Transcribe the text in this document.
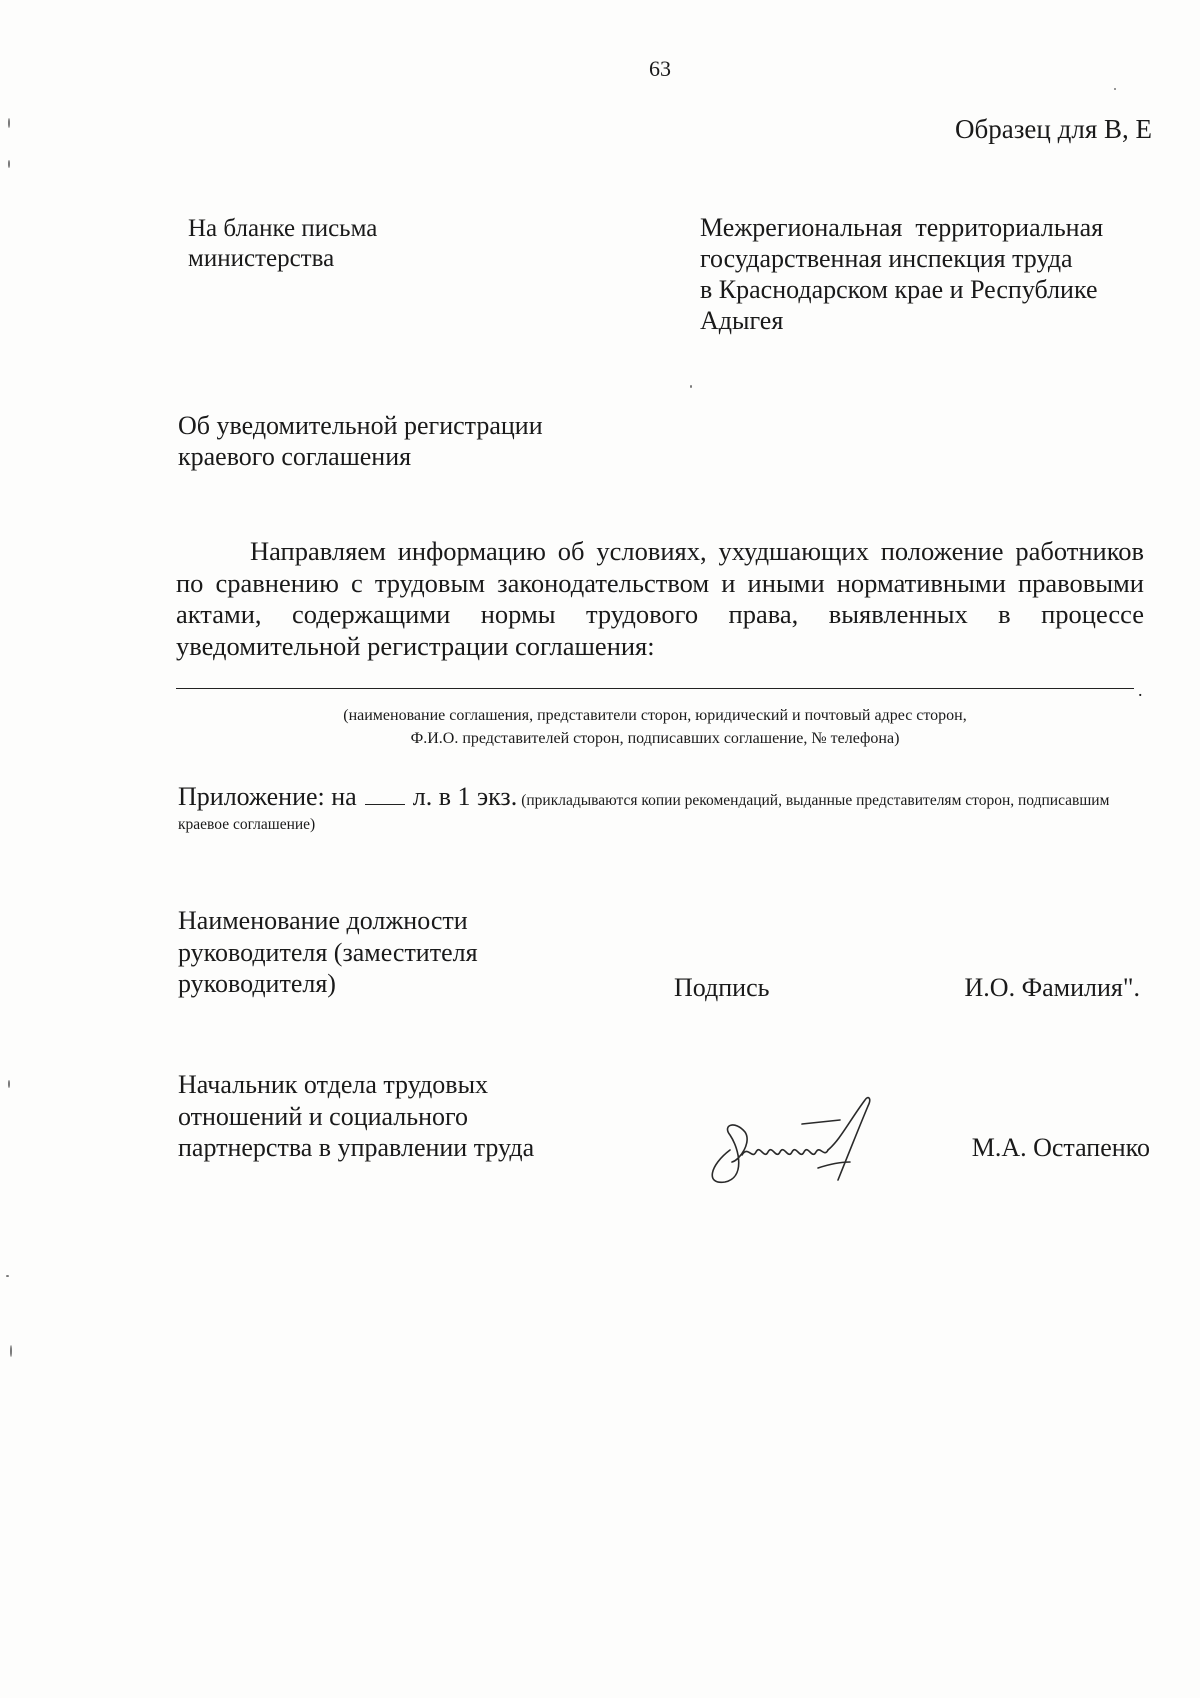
63
Образец для В, Е
На бланке письма
министерства
Межрегиональная  территориальная
государственная инспекция труда
в Краснодарском крае и Республике
Адыгея
Об уведомительной регистрации
краевого соглашения
Направляем информацию об условиях, ухудшающих положение работников по сравнению с трудовым законодательством и иными нормативными правовыми актами, содержащими нормы трудового права, выявленных в процессе уведомительной регистрации соглашения:
.
(наименование соглашения, представители сторон, юридический и почтовый адрес сторон,
Ф.И.О. представителей сторон, подписавших соглашение, № телефона)
Приложение: на л. в 1 экз. (прикладываются копии рекомендаций, выданные представителям сторон, подписавшим краевое соглашение)
Наименование должности
руководителя (заместителя
руководителя)	Подпись	И.О. Фамилия".
Начальник отдела трудовых
отношений и социального
партнерства в управлении труда	М.А. Остапенко
